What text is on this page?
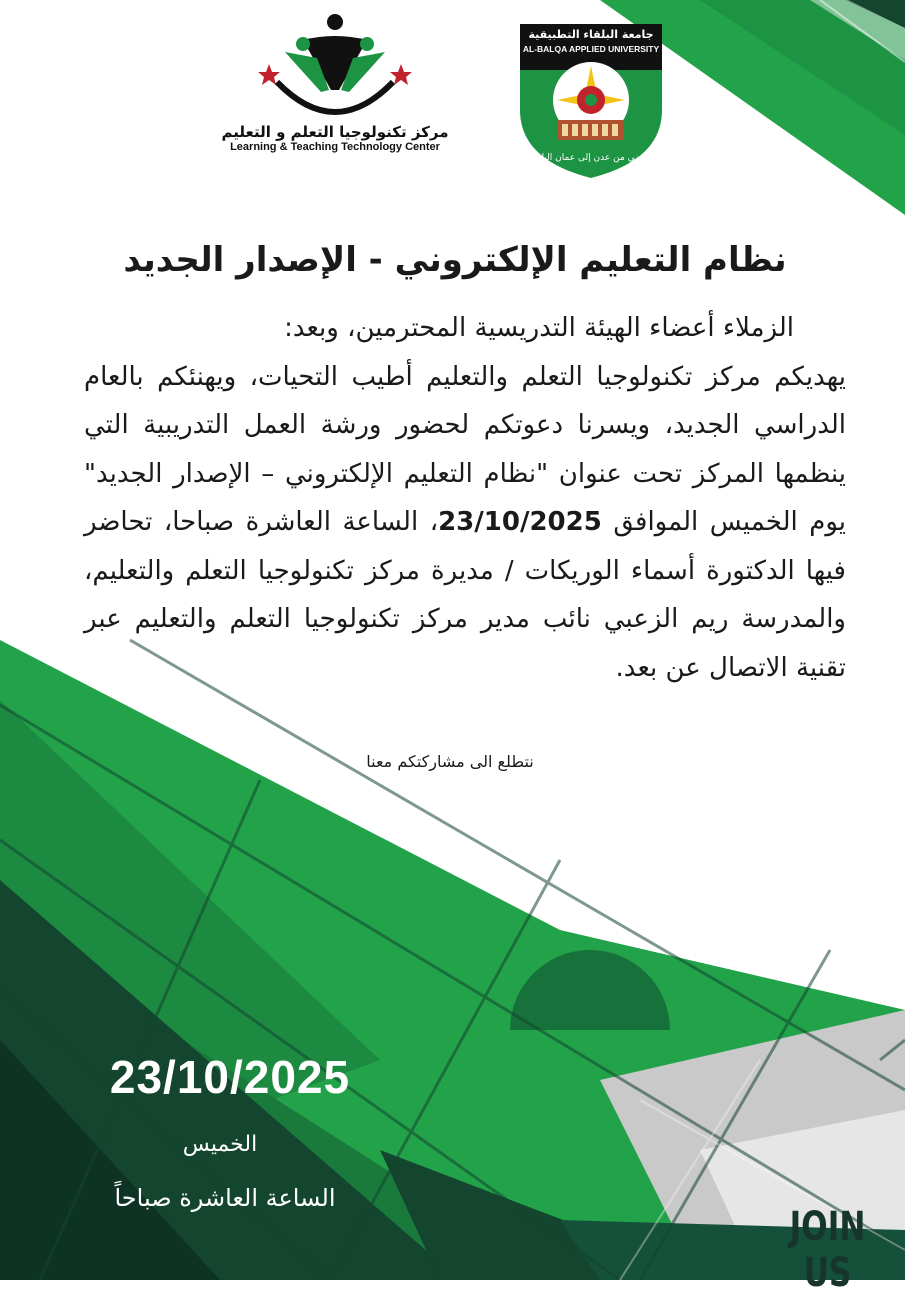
مركز تكنولوجيا التعلم و التعليم
Learning & Teaching Technology Center
جامعة البلقاء التطبيقية
AL-BALQA APPLIED UNIVERSITY
ومضي من عدن إلى عمان البلقاء
نظام التعليم الإلكتروني - الإصدار الجديد

الزملاء أعضاء الهيئة التدريسية المحترمين، وبعد:
يهديكم مركز تكنولوجيا التعلم والتعليم أطيب التحيات، ويهنئكم بالعام الدراسي الجديد، ويسرنا دعوتكم لحضور ورشة العمل التدريبية التي ينظمها المركز تحت عنوان "نظام التعليم الإلكتروني – الإصدار الجديد" يوم الخميس الموافق 23/10/2025، الساعة العاشرة صباحا، تحاضر فيها الدكتورة أسماء الوريكات / مديرة مركز تكنولوجيا التعلم والتعليم، والمدرسة ريم الزعبي نائب مدير مركز تكنولوجيا التعلم والتعليم عبر تقنية الاتصال عن بعد.

نتطلع الى مشاركتكم معنا
23/10/2025
الخميس
الساعة العاشرة صباحاً
JOIN US
